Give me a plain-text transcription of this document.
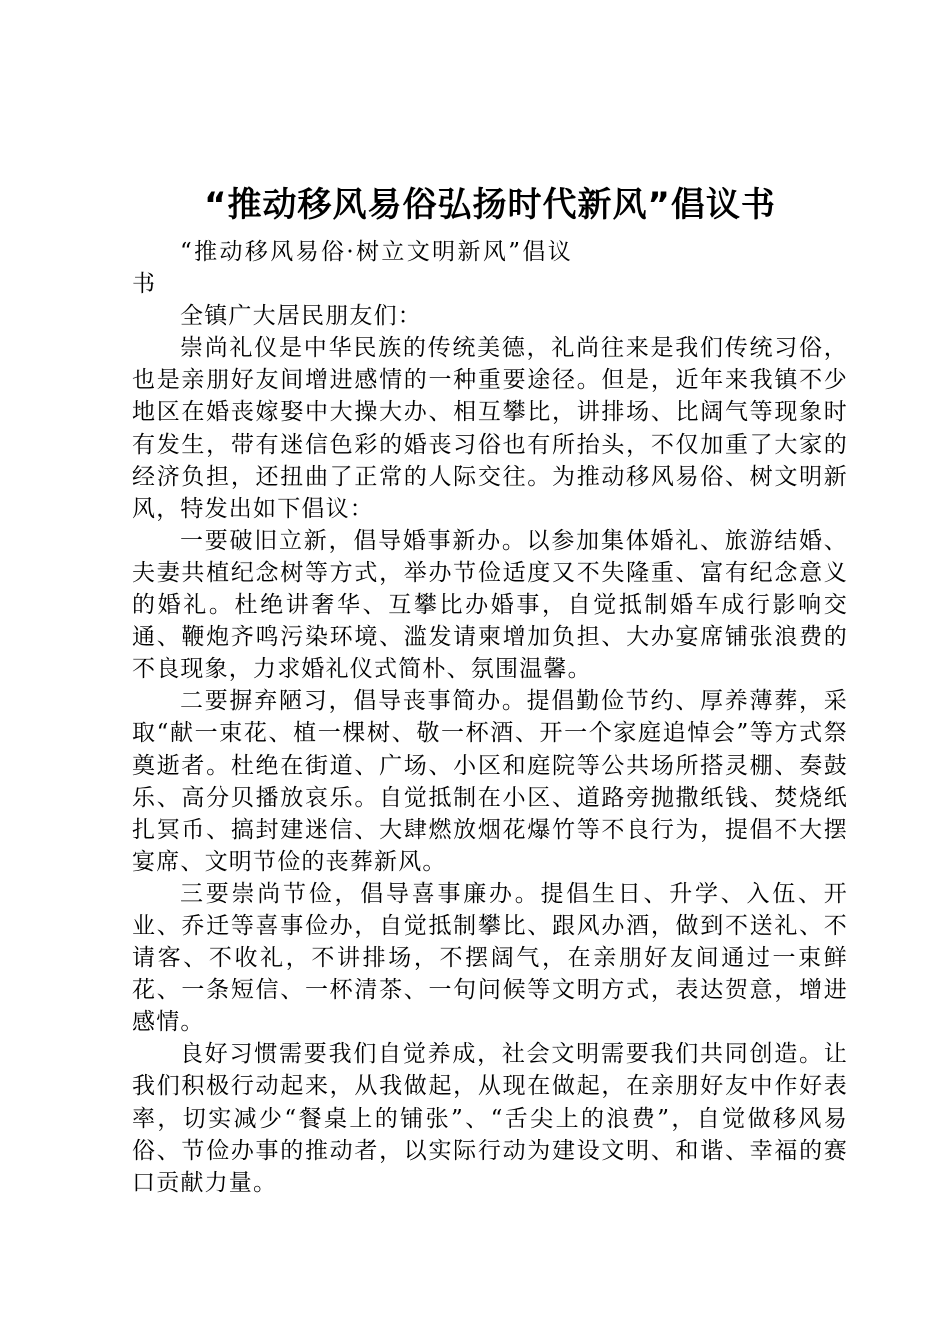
“推动移风易俗弘扬时代新风”倡议书

“推动移风易俗·树立文明新风”倡议书

全镇广大居民朋友们：

崇尚礼仪是中华民族的传统美德，礼尚往来是我们传统习俗，也是亲朋好友间增进感情的一种重要途径。但是，近年来我镇不少地区在婚丧嫁娶中大操大办、相互攀比，讲排场、比阔气等现象时有发生，带有迷信色彩的婚丧习俗也有所抬头，不仅加重了大家的经济负担，还扭曲了正常的人际交往。为推动移风易俗、树文明新风，特发出如下倡议：

一要破旧立新，倡导婚事新办。以参加集体婚礼、旅游结婚、夫妻共植纪念树等方式，举办节俭适度又不失隆重、富有纪念意义的婚礼。杜绝讲奢华、互攀比办婚事，自觉抵制婚车成行影响交通、鞭炮齐鸣污染环境、滥发请柬增加负担、大办宴席铺张浪费的不良现象，力求婚礼仪式简朴、氛围温馨。

二要摒弃陋习，倡导丧事简办。提倡勤俭节约、厚养薄葬，采取“献一束花、植一棵树、敬一杯酒、开一个家庭追悼会”等方式祭奠逝者。杜绝在街道、广场、小区和庭院等公共场所搭灵棚、奏鼓乐、高分贝播放哀乐。自觉抵制在小区、道路旁抛撒纸钱、焚烧纸扎冥币、搞封建迷信、大肆燃放烟花爆竹等不良行为，提倡不大摆宴席、文明节俭的丧葬新风。

三要崇尚节俭，倡导喜事廉办。提倡生日、升学、入伍、开业、乔迁等喜事俭办，自觉抵制攀比、跟风办酒，做到不送礼、不请客、不收礼，不讲排场，不摆阔气，在亲朋好友间通过一束鲜花、一条短信、一杯清茶、一句问候等文明方式，表达贺意，增进感情。

良好习惯需要我们自觉养成，社会文明需要我们共同创造。让我们积极行动起来，从我做起，从现在做起，在亲朋好友中作好表率，切实减少“餐桌上的铺张”、“舌尖上的浪费”，自觉做移风易俗、节俭办事的推动者，以实际行动为建设文明、和谐、幸福的赛口贡献力量。
